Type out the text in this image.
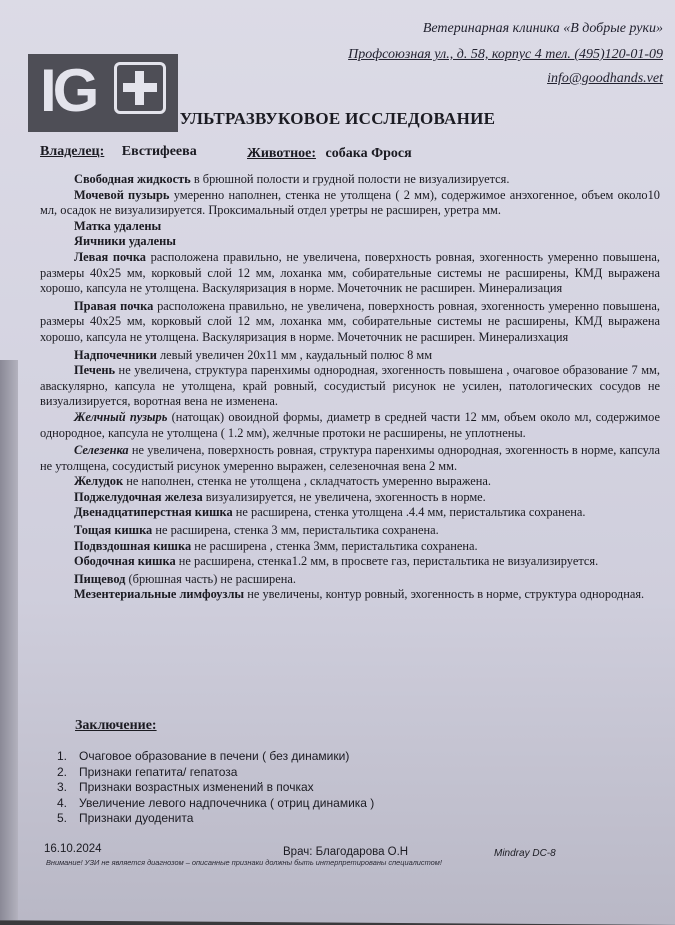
IG
Ветеринарная клиника «В добрые руки»
Профсоюзная ул., д. 58, корпус 4 тел. (495)120-01-09
info@goodhands.vet
УЛЬТРАЗВУКОВОЕ ИССЛЕДОВАНИЕ
Владелец: Евстифеева	Животное: собака Фрося

Свободная жидкость в брюшной полости и грудной полости не визуализируется.

Мочевой пузырь умеренно наполнен, стенка не утолщена ( 2 мм), содержимое анэхогенное, объем около10 мл, осадок не визуализируется. Проксимальный отдел уретры не расширен, уретра мм.

Матка удалены

Яичники удалены

Левая почка расположена правильно, не увеличена, поверхность ровная, эхогенность умеренно повышена, размеры 40х25 мм, корковый слой 12 мм, лоханка мм, собирательные системы не расширены, КМД выражена хорошо, капсула не утолщена. Васкуляризация в норме. Мочеточник не расширен. Минерализация

Правая почка расположена правильно, не увеличена, поверхность ровная, эхогенность умеренно повышена, размеры 40х25 мм, корковый слой 12 мм, лоханка мм, собирательные системы не расширены, КМД выражена хорошо, капсула не утолщена. Васкуляризация в норме. Мочеточник не расширен. Минерализхация

Надпочечники левый увеличен 20х11 мм , каудальный полюс 8 мм

Печень не увеличена, структура паренхимы однородная, эхогенность повышена , очаговое образование 7 мм, аваскулярно, капсула не утолщена, край ровный, сосудистый рисунок не усилен, патологических сосудов не визуализируется, воротная вена не изменена.

Желчный пузырь (натощак) овоидной формы, диаметр в средней части 12 мм, объем около мл, содержимое однородное, капсула не утолщена ( 1.2 мм), желчные протоки не расширены, не уплотнены.

Селезенка не увеличена, поверхность ровная, структура паренхимы однородная, эхогенность в норме, капсула не утолщена, сосудистый рисунок умеренно выражен, селезеночная вена 2 мм.

Желудок не наполнен, стенка не утолщена , складчатость умеренно выражена.

Поджелудочная железа визуализируется, не увеличена, эхогенность в норме.

Двенадцатиперстная кишка не расширена, стенка утолщена .4.4 мм, перистальтика сохранена.

Тощая кишка не расширена, стенка 3 мм, перистальтика сохранена.

Подвздошная кишка не расширена , стенка 3мм, перистальтика сохранена.

Ободочная кишка не расширена, стенка1.2 мм, в просвете газ, перистальтика не визуализируется.

Пищевод (брюшная часть) не расширена.

Мезентериальные лимфоузлы не увеличены, контур ровный, эхогенность в норме, структура однородная.

Заключение:
1. Очаговое образование в печени ( без динамики)
2. Признаки гепатита/ гепатоза
3. Признаки возрастных изменений в почках
4. Увеличение левого надпочечника ( отриц динамика )
5. Признаки дуоденита
16.10.2024	Врач: Благодарова О.Н	Mindray DC-8
Внимание! УЗИ не является диагнозом – описанные признаки должны быть интерпретированы специалистом!
